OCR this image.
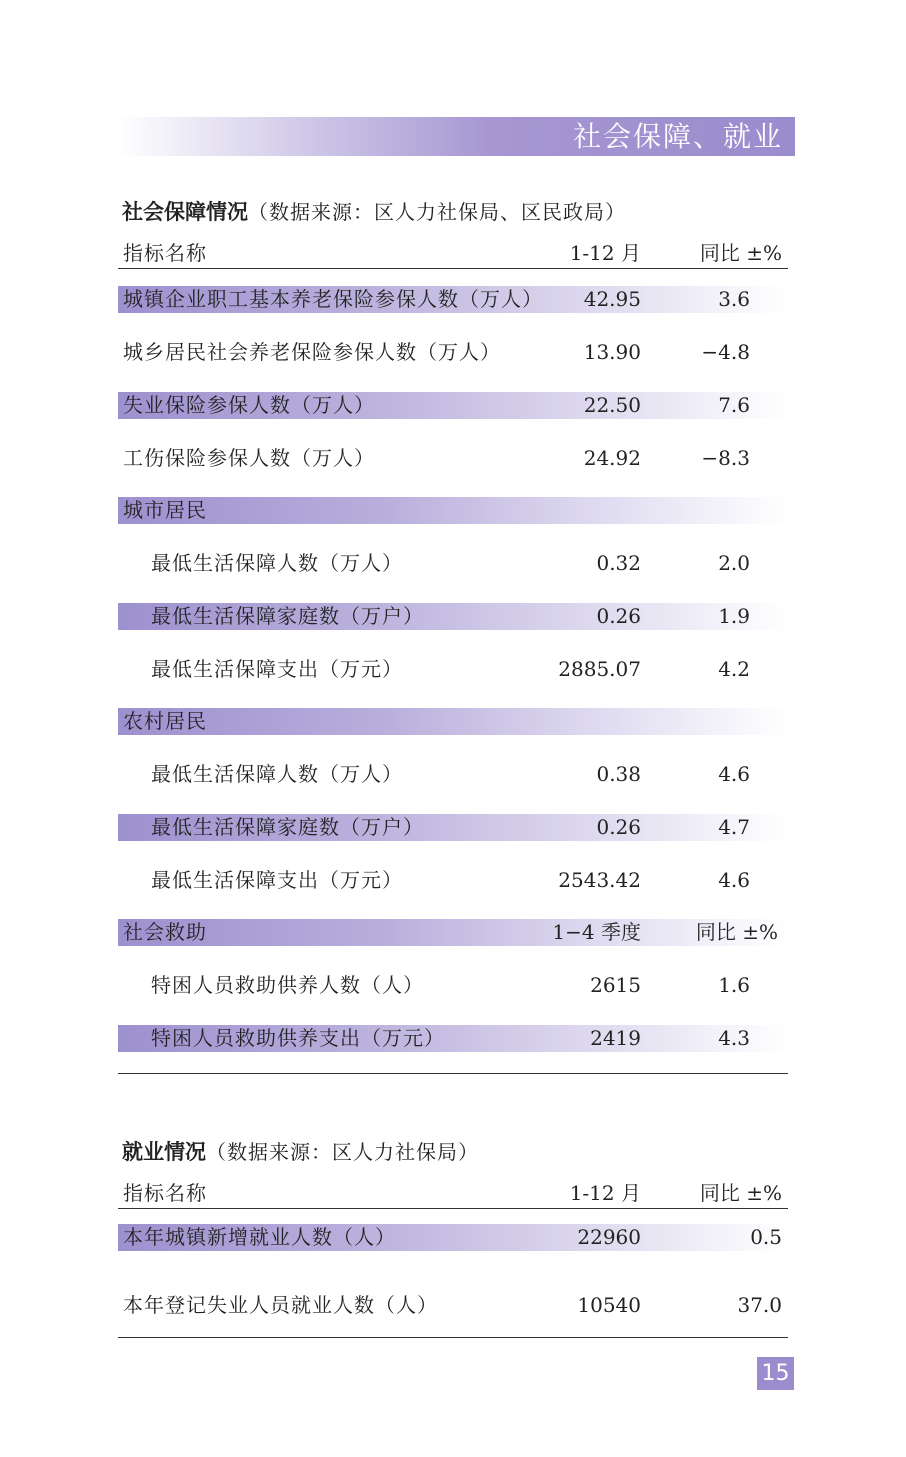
社会保障、就业
社会保障情况（数据来源：区人力社保局、区民政局）
指标名称	1-12 月	同比 ±%
城镇企业职工基本养老保险参保人数（万人） 42.95	3.6
城乡居民社会养老保险参保人数（万人）	13.90	−4.8
失业保险参保人数（万人）	22.50	7.6
工伤保险参保人数（万人）	24.92	−8.3
城市居民
最低生活保障人数（万人）	0.32	2.0
最低生活保障家庭数（万户）	0.26	1.9
最低生活保障支出（万元）	2885.07	4.2
农村居民
最低生活保障人数（万人）	0.38	4.6
最低生活保障家庭数（万户）	0.26	4.7
最低生活保障支出（万元）	2543.42	4.6
社会救助	1−4 季度	同比 ±%
特困人员救助供养人数（人）	2615	1.6
特困人员救助供养支出（万元）	2419	4.3
就业情况（数据来源：区人力社保局）
指标名称	1-12 月	同比 ±%
本年城镇新增就业人数（人）	22960	0.5
本年登记失业人员就业人数（人）	10540	37.0
15
